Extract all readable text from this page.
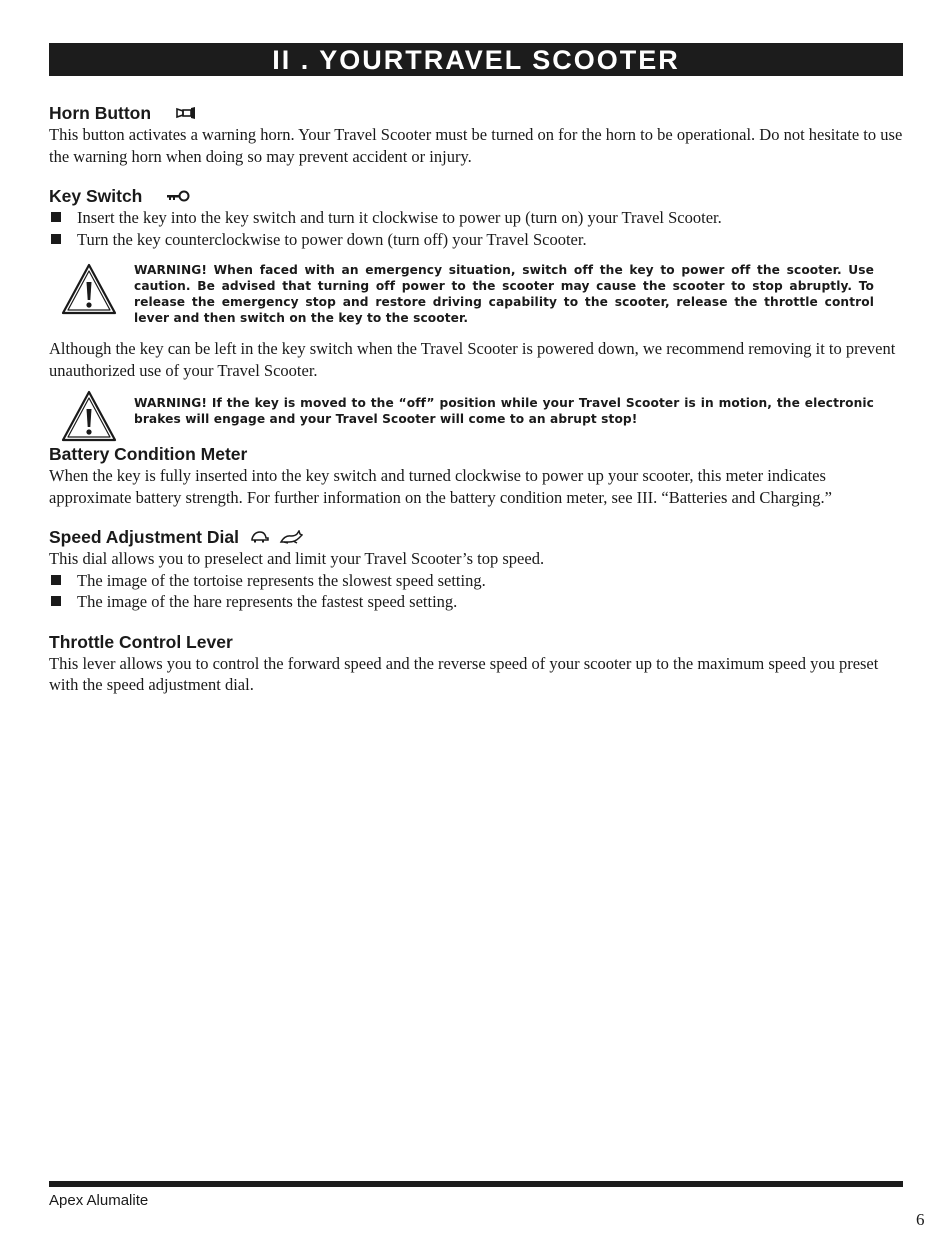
II . YOURTRAVEL SCOOTER
Horn Button

This button activates a warning horn. Your Travel Scooter must be turned on for the horn to be operational. Do not hesitate to use the warning horn when doing so may prevent accident or injury.

Key Switch
Insert the key into the key switch and turn it clockwise to power up (turn on) your Travel Scooter.
Turn the key counterclockwise to power down (turn off) your Travel Scooter.
WARNING! When faced with an emergency situation, switch off the key to power off the scooter. Use caution. Be advised that turning off power to the scooter may cause the scooter to stop abruptly. To release the emergency stop and restore driving capability to the scooter, release the throttle control lever and then switch on the key to the scooter.

Although the key can be left in the key switch when the Travel Scooter is powered down, we recommend removing it to prevent unauthorized use of your Travel Scooter.

WARNING! If the key is moved to the “off” position while your Travel Scooter is in motion, the electronic brakes will engage and your Travel Scooter will come to an abrupt stop!
Battery Condition Meter

When the key is fully inserted into the key switch and turned clockwise to power up your scooter, this meter indicates approximate battery strength. For further information on the battery condition meter, see III. “Batteries and Charging.”

Speed Adjustment Dial

This dial allows you to preselect and limit your Travel Scooter’s top speed.

The image of the tortoise represents the slowest speed setting.
The image of the hare represents the fastest speed setting.
Throttle Control Lever

This lever allows you to control the forward speed and the reverse speed of your scooter up to the maximum speed you preset with the speed adjustment dial.

Apex Alumalite
6
